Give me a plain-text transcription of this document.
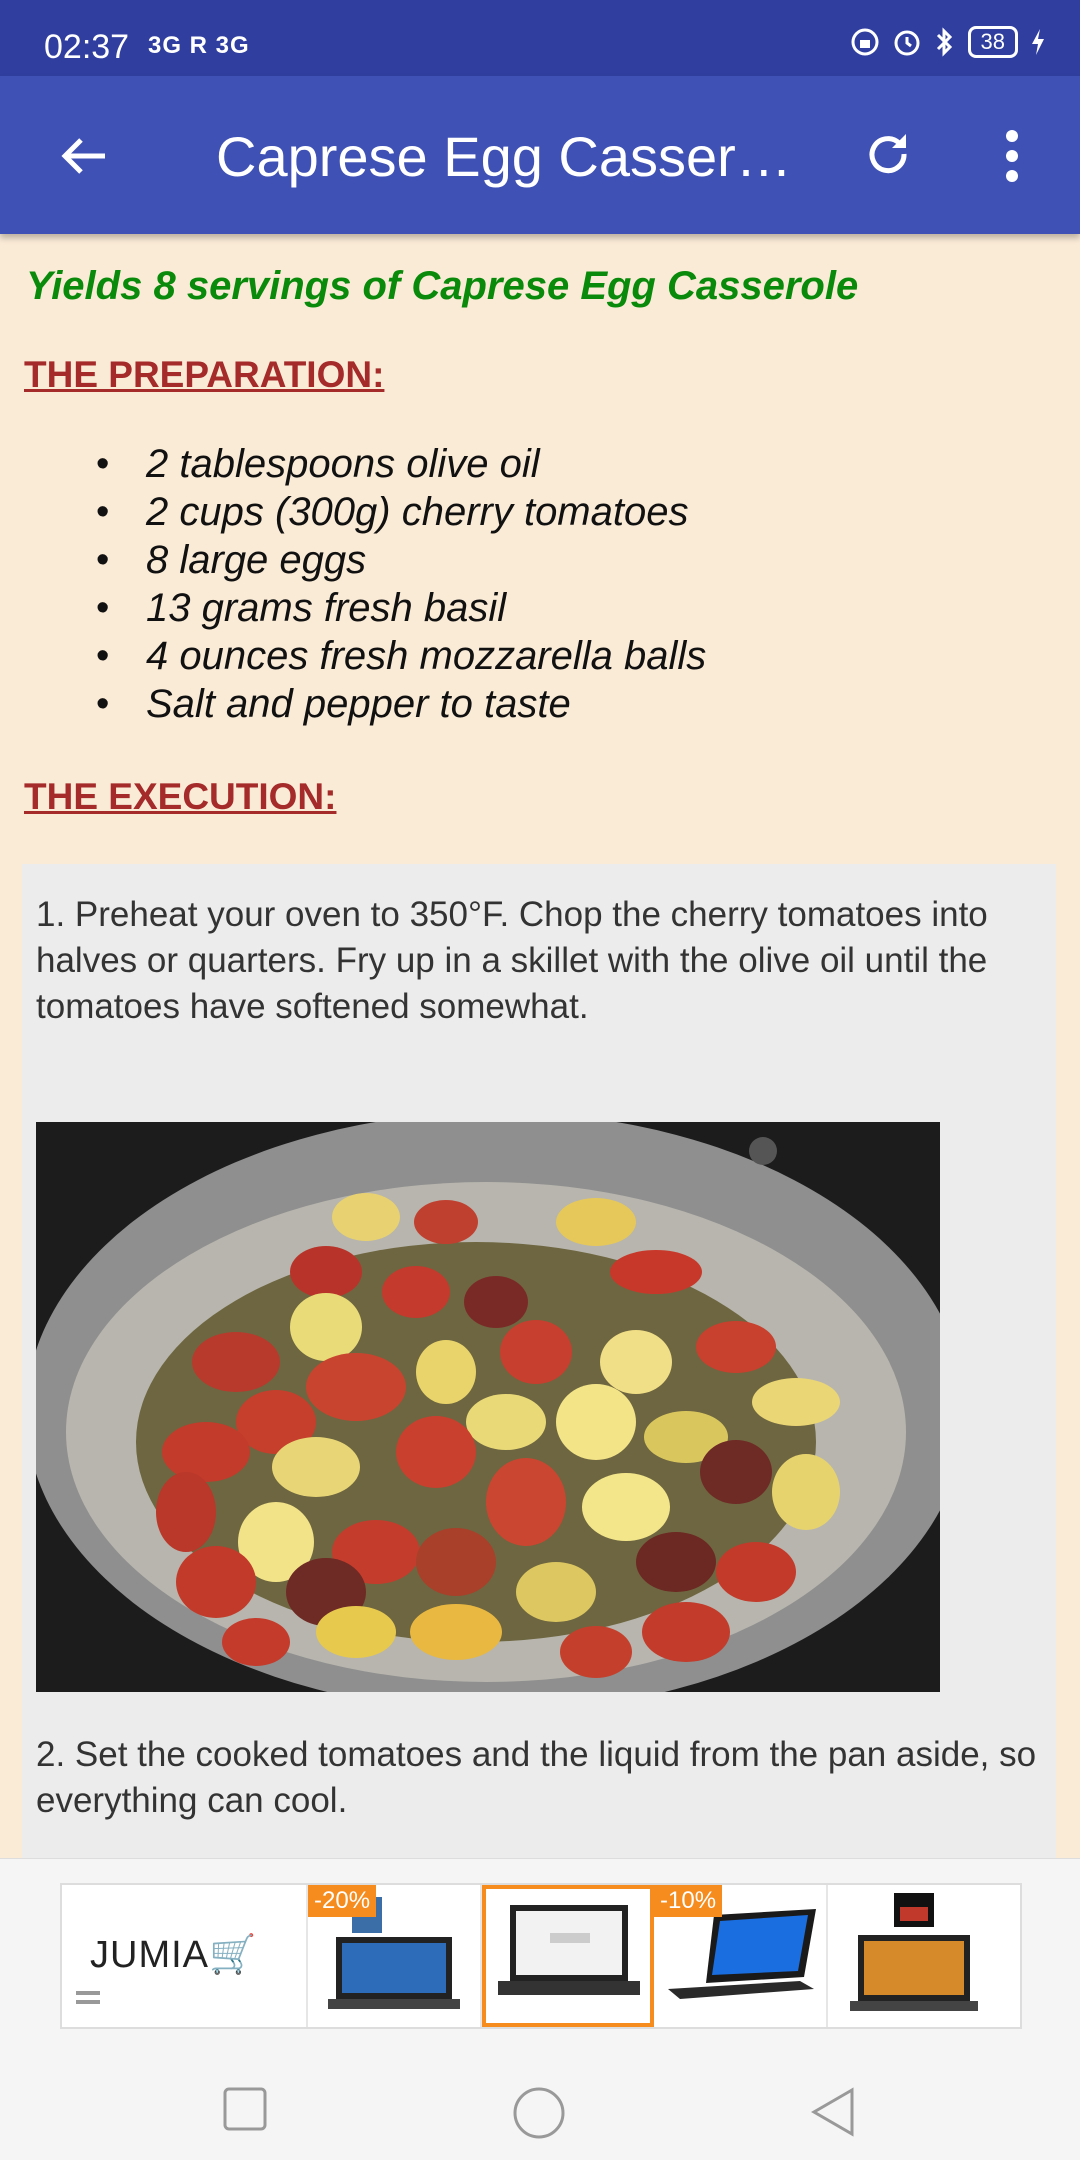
02:37 3G R 3G	38
Caprese Egg Casser…
Yields 8 servings of Caprese Egg Casserole
THE PREPARATION:
• 2 tablespoons olive oil
• 2 cups (300g) cherry tomatoes
• 8 large eggs
• 13 grams fresh basil
• 4 ounces fresh mozzarella balls
• Salt and pepper to taste
THE EXECUTION:
1. Preheat your oven to 350°F. Chop the cherry tomatoes into halves or quarters. Fry up in a skillet with the olive oil until the tomatoes have softened somewhat.
2. Set the cooked tomatoes and the liquid from the pan aside, so everything can cool.
JUMIA🛒
-20%	-10%
